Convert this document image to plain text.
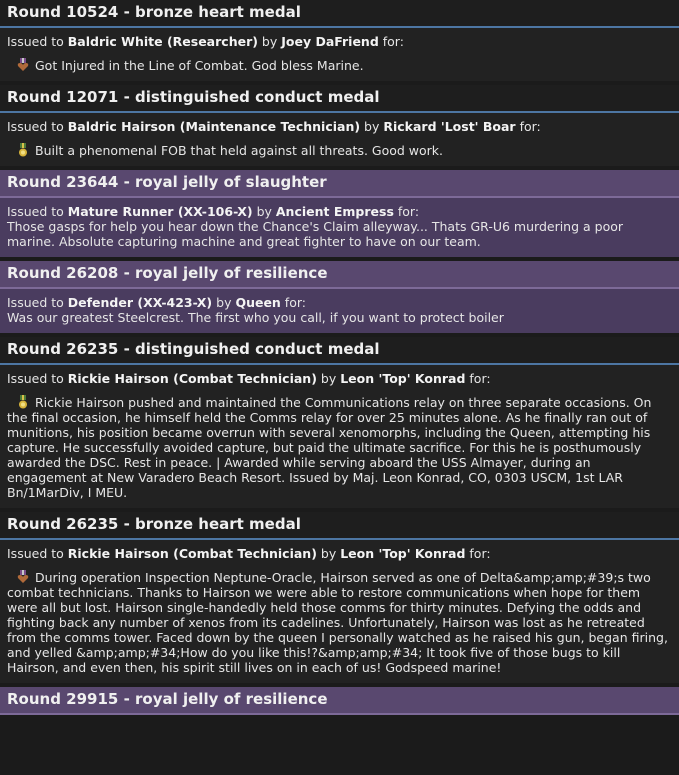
Round 10524 - bronze heart medal
Issued to Baldric White (Researcher) by Joey DaFriend for:
Got Injured in the Line of Combat. God bless Marine.
Round 12071 - distinguished conduct medal
Issued to Baldric Hairson (Maintenance Technician) by Rickard 'Lost' Boar for:
Built a phenomenal FOB that held against all threats. Good work.
Round 23644 - royal jelly of slaughter
Issued to Mature Runner (XX-106-X) by Ancient Empress for:
Those gasps for help you hear down the Chance's Claim alleyway... Thats GR-U6 murdering a poor marine. Absolute capturing machine and great fighter to have on our team.
Round 26208 - royal jelly of resilience
Issued to Defender (XX-423-X) by Queen for:
Was our greatest Steelcrest. The first who you call, if you want to protect boiler
Round 26235 - distinguished conduct medal
Issued to Rickie Hairson (Combat Technician) by Leon 'Top' Konrad for:
Rickie Hairson pushed and maintained the Communications relay on three separate occasions. On the final occasion, he himself held the Comms relay for over 25 minutes alone. As he finally ran out of munitions, his position became overrun with several xenomorphs, including the Queen, attempting his capture. He successfully avoided capture, but paid the ultimate sacrifice. For this he is posthumously awarded the DSC. Rest in peace. | Awarded while serving aboard the USS Almayer, during an engagement at New Varadero Beach Resort. Issued by Maj. Leon Konrad, CO, 0303 USCM, 1st LAR Bn/1MarDiv, I MEU.
Round 26235 - bronze heart medal
Issued to Rickie Hairson (Combat Technician) by Leon 'Top' Konrad for:
During operation Inspection Neptune-Oracle, Hairson served as one of Delta&amp;amp;#39;s two combat technicians. Thanks to Hairson we were able to restore communications when hope for them were all but lost. Hairson single-handedly held those comms for thirty minutes. Defying the odds and fighting back any number of xenos from its cadelines. Unfortunately, Hairson was lost as he retreated from the comms tower. Faced down by the queen I personally watched as he raised his gun, began firing, and yelled &amp;amp;#34;How do you like this!?&amp;amp;#34; It took five of those bugs to kill Hairson, and even then, his spirit still lives on in each of us! Godspeed marine!
Round 29915 - royal jelly of resilience
